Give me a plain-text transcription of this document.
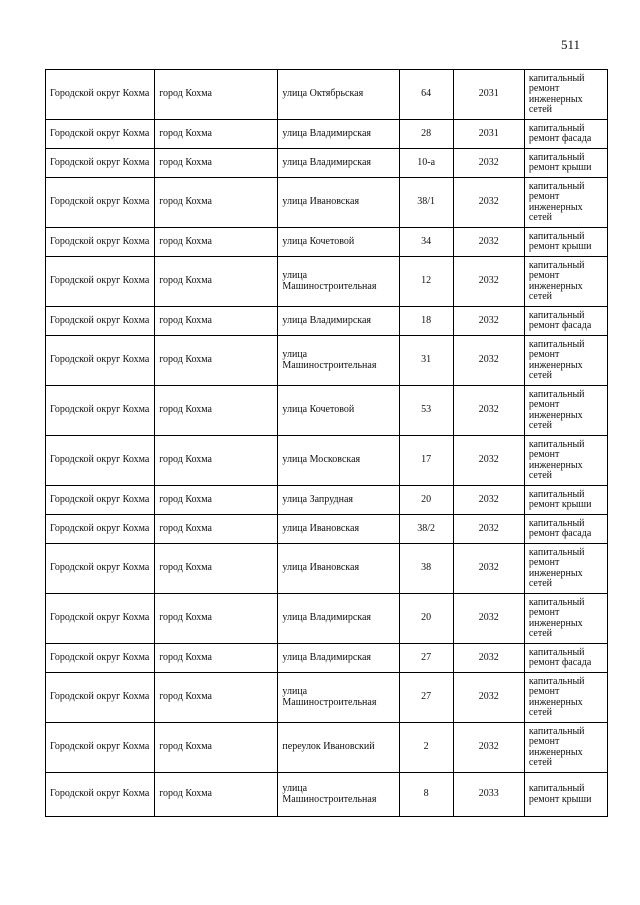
511
Городской округ Кохма	город Кохма	улица Октябрьская	64	2031	капитальный ремонт инженерных сетей
Городской округ Кохма	город Кохма	улица Владимирская	28	2031	капитальный ремонт фасада
Городской округ Кохма	город Кохма	улица Владимирская	10-а	2032	капитальный ремонт крыши
Городской округ Кохма	город Кохма	улица Ивановская	38/1	2032	капитальный ремонт инженерных сетей
Городской округ Кохма	город Кохма	улица Кочетовой	34	2032	капитальный ремонт крыши
Городской округ Кохма	город Кохма	улица Машиностроительная	12	2032	капитальный ремонт инженерных сетей
Городской округ Кохма	город Кохма	улица Владимирская	18	2032	капитальный ремонт фасада
Городской округ Кохма	город Кохма	улица Машиностроительная	31	2032	капитальный ремонт инженерных сетей
Городской округ Кохма	город Кохма	улица Кочетовой	53	2032	капитальный ремонт инженерных сетей
Городской округ Кохма	город Кохма	улица Московская	17	2032	капитальный ремонт инженерных сетей
Городской округ Кохма	город Кохма	улица Запрудная	20	2032	капитальный ремонт крыши
Городской округ Кохма	город Кохма	улица Ивановская	38/2	2032	капитальный ремонт фасада
Городской округ Кохма	город Кохма	улица Ивановская	38	2032	капитальный ремонт инженерных сетей
Городской округ Кохма	город Кохма	улица Владимирская	20	2032	капитальный ремонт инженерных сетей
Городской округ Кохма	город Кохма	улица Владимирская	27	2032	капитальный ремонт фасада
Городской округ Кохма	город Кохма	улица Машиностроительная	27	2032	капитальный ремонт инженерных сетей
Городской округ Кохма	город Кохма	переулок Ивановский	2	2032	капитальный ремонт инженерных сетей
Городской округ Кохма	город Кохма	улица Машиностроительная	8	2033	капитальный ремонт крыши
